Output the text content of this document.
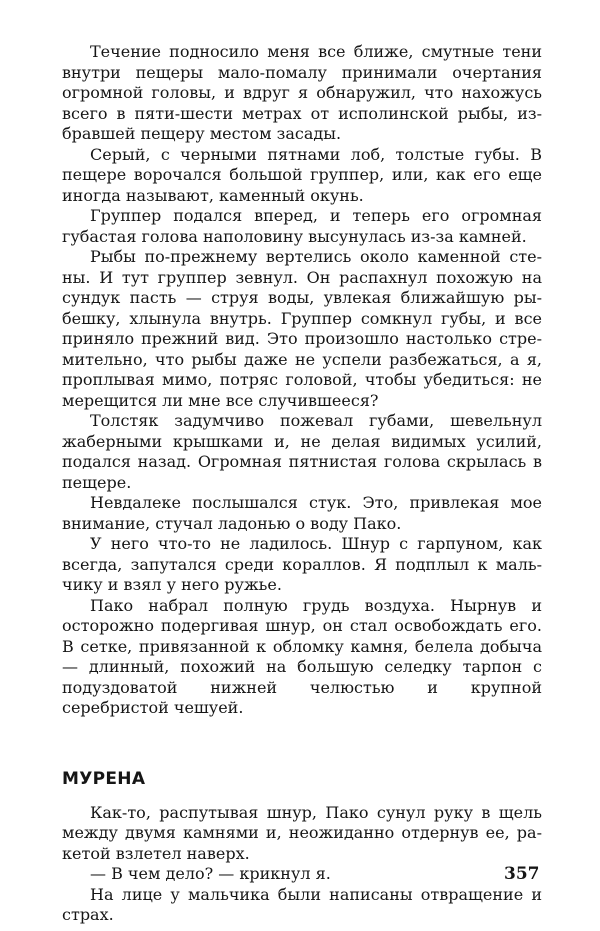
Течение подносило меня все ближе, смутные тени внутри пещеры мало-помалу принимали очертания огромной головы, и вдруг я обнаружил, что нахожусь всего в пяти-шести метрах от исполинской рыбы, избравшей пещеру местом засады.

Серый, с черными пятнами лоб, толстые губы. В пещере ворочался большой группер, или, как его еще иногда называют, каменный окунь.

Группер подался вперед, и теперь его огромная губастая голова наполовину высунулась из-за камней.

Рыбы по-прежнему вертелись около каменной стены. И тут группер зевнул. Он распахнул похожую на сундук пасть — струя воды, увлекая ближайшую рыбешку, хлынула внутрь. Группер сомкнул губы, и все приняло прежний вид. Это произошло настолько стремительно, что рыбы даже не успели разбежаться, а я, проплывая мимо, потряс головой, чтобы убедиться: не мерещится ли мне все случившееся?

Толстяк задумчиво пожевал губами, шевельнул жаберными крышками и, не делая видимых усилий, подался назад. Огромная пятнистая голова скрылась в пещере.

Невдалеке послышался стук. Это, привлекая мое внимание, стучал ладонью о воду Пако.

У него что-то не ладилось. Шнур с гарпуном, как всегда, запутался среди кораллов. Я подплыл к мальчику и взял у него ружье.

Пако набрал полную грудь воздуха. Нырнув и осторожно подергивая шнур, он стал освобождать его. В сетке, привязанной к обломку камня, белела добыча — длинный, похожий на большую селедку тарпон с подуздоватой нижней челюстью и крупной серебристой чешуей.

МУРЕНА

Как-то, распутывая шнур, Пако сунул руку в щель между двумя камнями и, неожиданно отдернув ее, ракетой взлетел наверх.

— В чем дело? — крикнул я.

На лице у мальчика были написаны отвращение и страх.

357
